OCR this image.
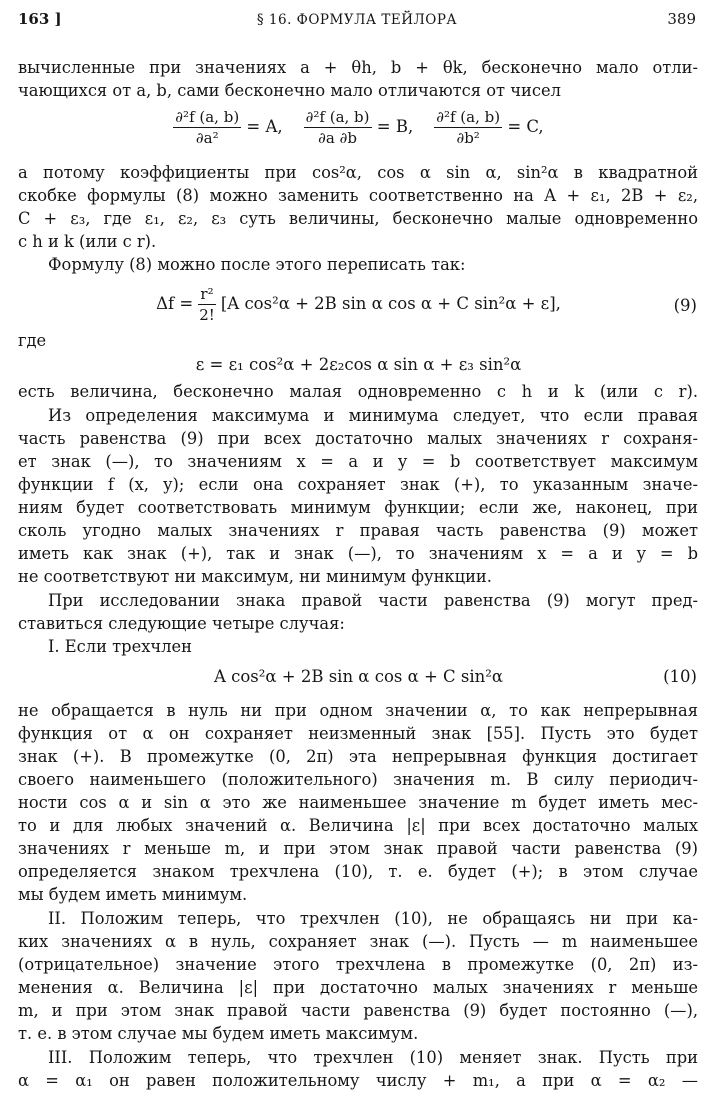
163 ]	§ 16. ФОРМУЛА ТЕЙЛОРА	389
вычисленные при значениях a + θh, b + θk, бесконечно мало отли-
чающихся от a, b, сами бесконечно мало отличаются от чисел
$\frac{\text{∂²f (a, b)}}{\text{∂a²}} = A$, $\frac{\text{∂²f (a, b)}}{\partial a \partial b} = B$, $\frac{\text{∂²f (a, b)}}{\text{∂b²}} = C$,
а потому коэффициенты при cos²α, cos α sin α, sin²α в квадратной
скобке формулы (8) можно заменить соответственно на A + ε₁, 2B + ε₂,
C + ε₃, где ε₁, ε₂, ε₃ суть величины, бесконечно малые одновременно
с h и k (или с r).
Формулу (8) можно после этого переписать так:
$\Delta f = \frac{\text{r²}}{2!} [A$ cos²α + 2B sin α cos α + C sin²α + ε],	(9)
где
ε = ε₁ cos²α + 2ε₂cos α sin α + ε₃ sin²α
есть величина, бесконечно малая одновременно с h и k (или с r).
Из определения максимума и минимума следует, что если правая
часть равенства (9) при всех достаточно малых значениях r сохраня-
ет знак (—), то значениям x = a и y = b соответствует максимум
функции f (x, y); если она сохраняет знак (+), то указанным значе-
ниям будет соответствовать минимум функции; если же, наконец, при
сколь угодно малых значениях r правая часть равенства (9) может
иметь как знак (+), так и знак (—), то значениям x = a и y = b
не соответствуют ни максимум, ни минимум функции.
При исследовании знака правой части равенства (9) могут пред-
ставиться следующие четыре случая:
I. Если трехчлен
A cos²α + 2B sin α cos α + C sin²α	(10)
не обращается в нуль ни при одном значении α, то как непрерывная
функция от α он сохраняет неизменный знак [55]. Пусть это будет
знак (+). В промежутке (0, 2π) эта непрерывная функция достигает
своего наименьшего (положительного) значения m. В силу периодич-
ности cos α и sin α это же наименьшее значение m будет иметь мес-
то и для любых значений α. Величина |ε| при всех достаточно малых
значениях r меньше m, и при этом знак правой части равенства (9)
определяется знаком трехчлена (10), т. е. будет (+); в этом случае
мы будем иметь минимум.
II. Положим теперь, что трехчлен (10), не обращаясь ни при ка-
ких значениях α в нуль, сохраняет знак (—). Пусть — m наименьшее
(отрицательное) значение этого трехчлена в промежутке (0, 2π) из-
менения α. Величина |ε| при достаточно малых значениях r меньше
m, и при этом знак правой части равенства (9) будет постоянно (—),
т. е. в этом случае мы будем иметь максимум.
III. Положим теперь, что трехчлен (10) меняет знак. Пусть при
α = α₁ он равен положительному числу + m₁, а при α = α₂ —
